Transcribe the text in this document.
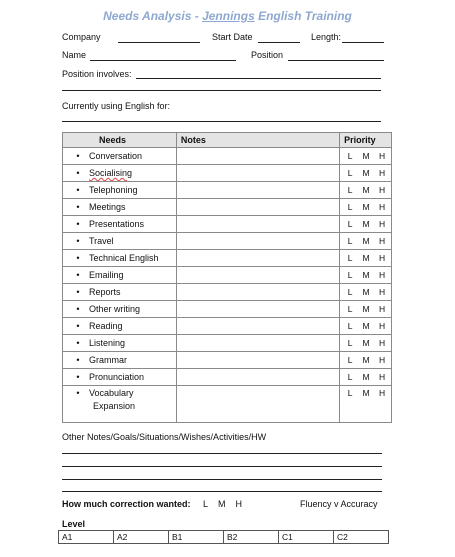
Needs Analysis - Jennings English Training
Company	Start Date	Length:
Name	Position
Position involves:
Currently using English for:
Needs	Notes	Priority
• Conversation		L M H
• Socialising		L M H
• Telephoning		L M H
• Meetings		L M H
• Presentations		L M H
• Travel		L M H
• Technical English		L M H
• Emailing		L M H
• Reports		L M H
• Other writing		L M H
• Reading		L M H
• Listening		L M H
• Grammar		L M H
• Pronunciation		L M H
• Vocabulary
Expansion		L M H
Other Notes/Goals/Situations/Wishes/Activities/HW
How much correction wanted: L M H	Fluency v Accuracy
Level
A1	A2	B1	B2	C1	C2
